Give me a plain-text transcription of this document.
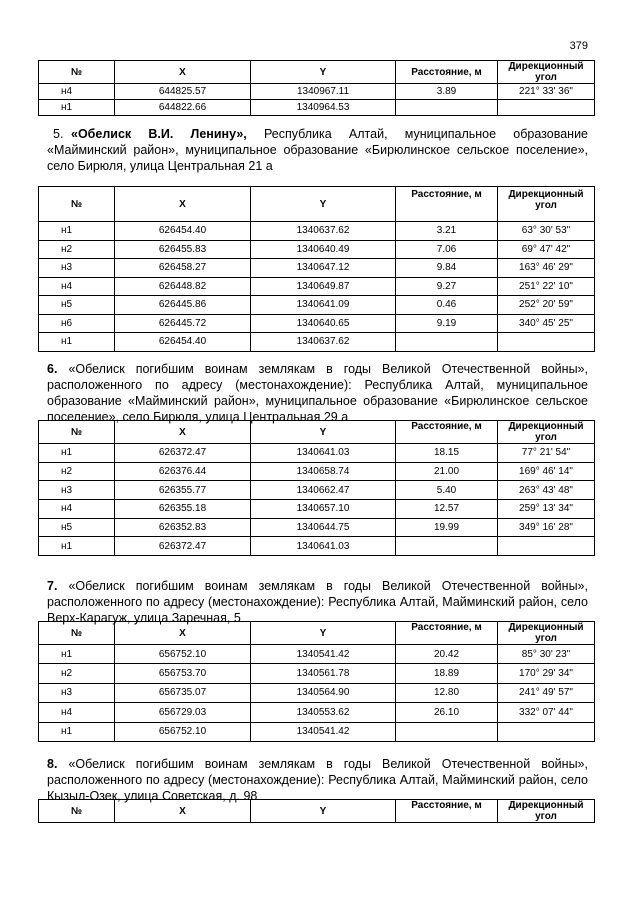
379
№	X	Y	Расстояние, м	Дирекционный угол
н4	644825.57	1340967.11	3.89	221° 33' 36"
н1	644822.66	1340964.53		
5. «Обелиск В.И. Ленину», Республика Алтай, муниципальное образование «Майминский район», муниципальное образование «Бирюлинское сельское поселение», село Бирюля, улица Центральная 21 а
№	X	Y	Расстояние, м	Дирекционный угол
н1	626454.40	1340637.62	3.21	63° 30' 53"
н2	626455.83	1340640.49	7.06	69° 47' 42"
н3	626458.27	1340647.12	9.84	163° 46' 29"
н4	626448.82	1340649.87	9.27	251° 22' 10"
н5	626445.86	1340641.09	0.46	252° 20' 59"
н6	626445.72	1340640.65	9.19	340° 45' 25"
н1	626454.40	1340637.62		
6. «Обелиск погибшим воинам землякам в годы Великой Отечественной войны», расположенного по адресу (местонахождение): Республика Алтай, муниципальное образование «Майминский район», муниципальное образование «Бирюлинское сельское поселение», село Бирюля, улица Центральная 29 а
№	X	Y	Расстояние, м	Дирекционный угол
н1	626372.47	1340641.03	18.15	77° 21' 54"
н2	626376.44	1340658.74	21.00	169° 46' 14"
н3	626355.77	1340662.47	5.40	263° 43' 48"
н4	626355.18	1340657.10	12.57	259° 13' 34"
н5	626352.83	1340644.75	19.99	349° 16' 28"
н1	626372.47	1340641.03		
7. «Обелиск погибшим воинам землякам в годы Великой Отечественной войны», расположенного по адресу (местонахождение): Республика Алтай, Майминский район, село Верх-Карагуж, улица Заречная, 5
№	X	Y	Расстояние, м	Дирекционный угол
н1	656752.10	1340541.42	20.42	85° 30' 23"
н2	656753.70	1340561.78	18.89	170° 29' 34"
н3	656735.07	1340564.90	12.80	241° 49' 57"
н4	656729.03	1340553.62	26.10	332° 07' 44"
н1	656752.10	1340541.42		
8. «Обелиск погибшим воинам землякам в годы Великой Отечественной войны», расположенного по адресу (местонахождение): Республика Алтай, Майминский район, село Кызыл-Озек, улица Советская, д. 98
№	X	Y	Расстояние, м	Дирекционный угол
